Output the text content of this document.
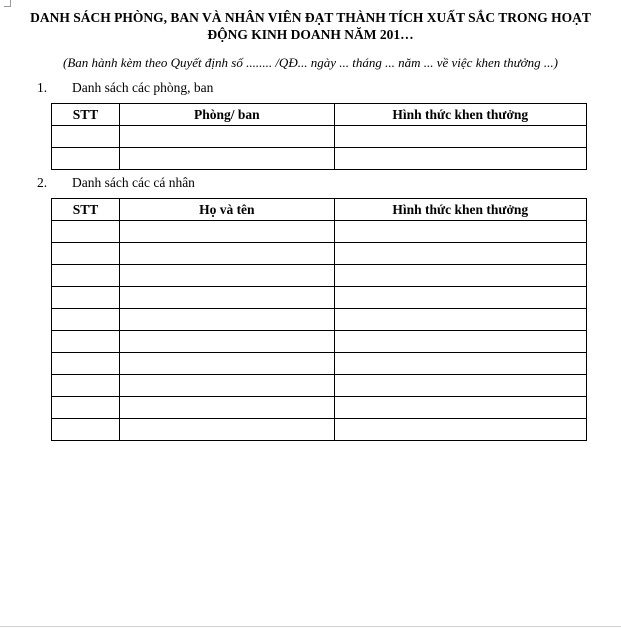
DANH SÁCH PHÒNG, BAN VÀ NHÂN VIÊN ĐẠT THÀNH TÍCH XUẤT SẮC TRONG HOẠT
ĐỘNG KINH DOANH NĂM 201…
(Ban hành kèm theo Quyết định số ........ /QĐ... ngày ... tháng ... năm ... về việc khen thưởng ...)
1. Danh sách các phòng, ban
STT	Phòng/ ban	Hình thức khen thưởng

2. Danh sách các cá nhân
STT	Họ và tên	Hình thức khen thưởng
